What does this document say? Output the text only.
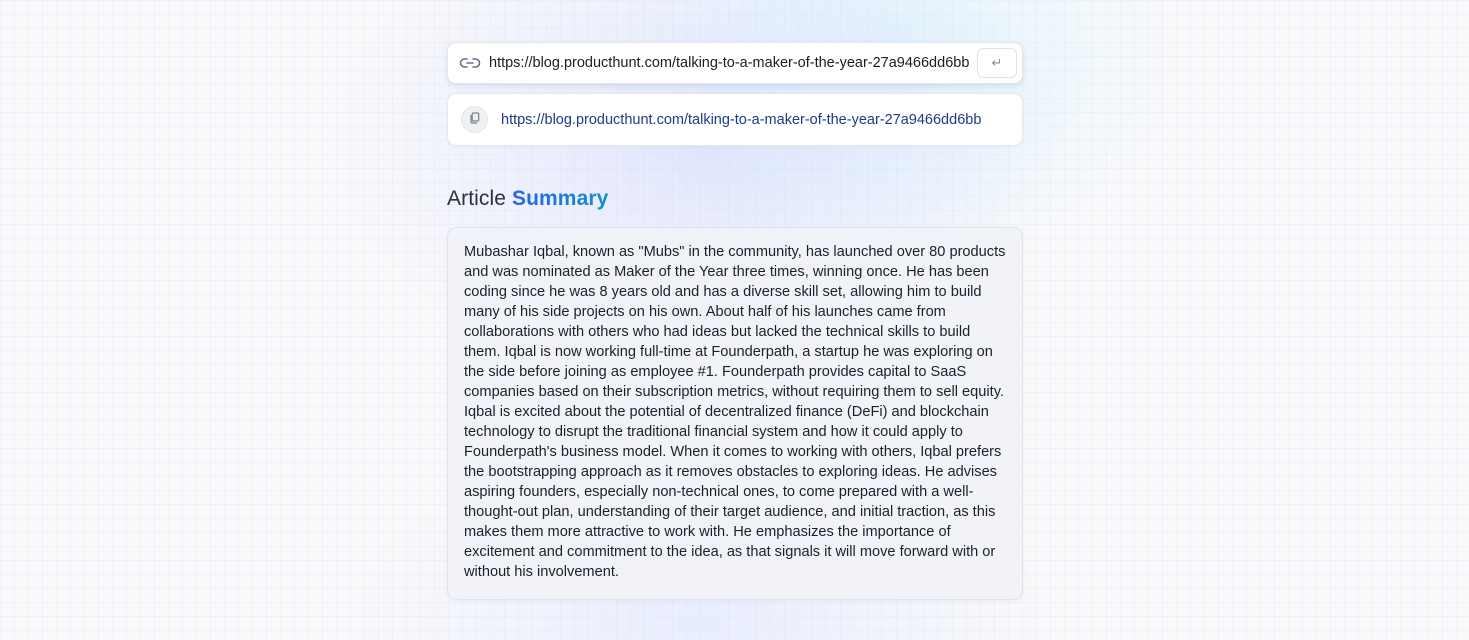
https://blog.producthunt.com/talking-to-a-maker-of-the-year-27a9466dd6bb
↵
https://blog.producthunt.com/talking-to-a-maker-of-the-year-27a9466dd6bb
Article Summary

Mubashar Iqbal, known as "Mubs" in the community, has launched over 80 products and was nominated as Maker of the Year three times, winning once. He has been coding since he was 8 years old and has a diverse skill set, allowing him to build many of his side projects on his own. About half of his launches came from collaborations with others who had ideas but lacked the technical skills to build them. Iqbal is now working full-time at Founderpath, a startup he was exploring on the side before joining as employee #1. Founderpath provides capital to SaaS companies based on their subscription metrics, without requiring them to sell equity. Iqbal is excited about the potential of decentralized finance (DeFi) and blockchain technology to disrupt the traditional financial system and how it could apply to Founderpath's business model. When it comes to working with others, Iqbal prefers the bootstrapping approach as it removes obstacles to exploring ideas. He advises aspiring founders, especially non-technical ones, to come prepared with a well-thought-out plan, understanding of their target audience, and initial traction, as this makes them more attractive to work with. He emphasizes the importance of excitement and commitment to the idea, as that signals it will move forward with or without his involvement.
